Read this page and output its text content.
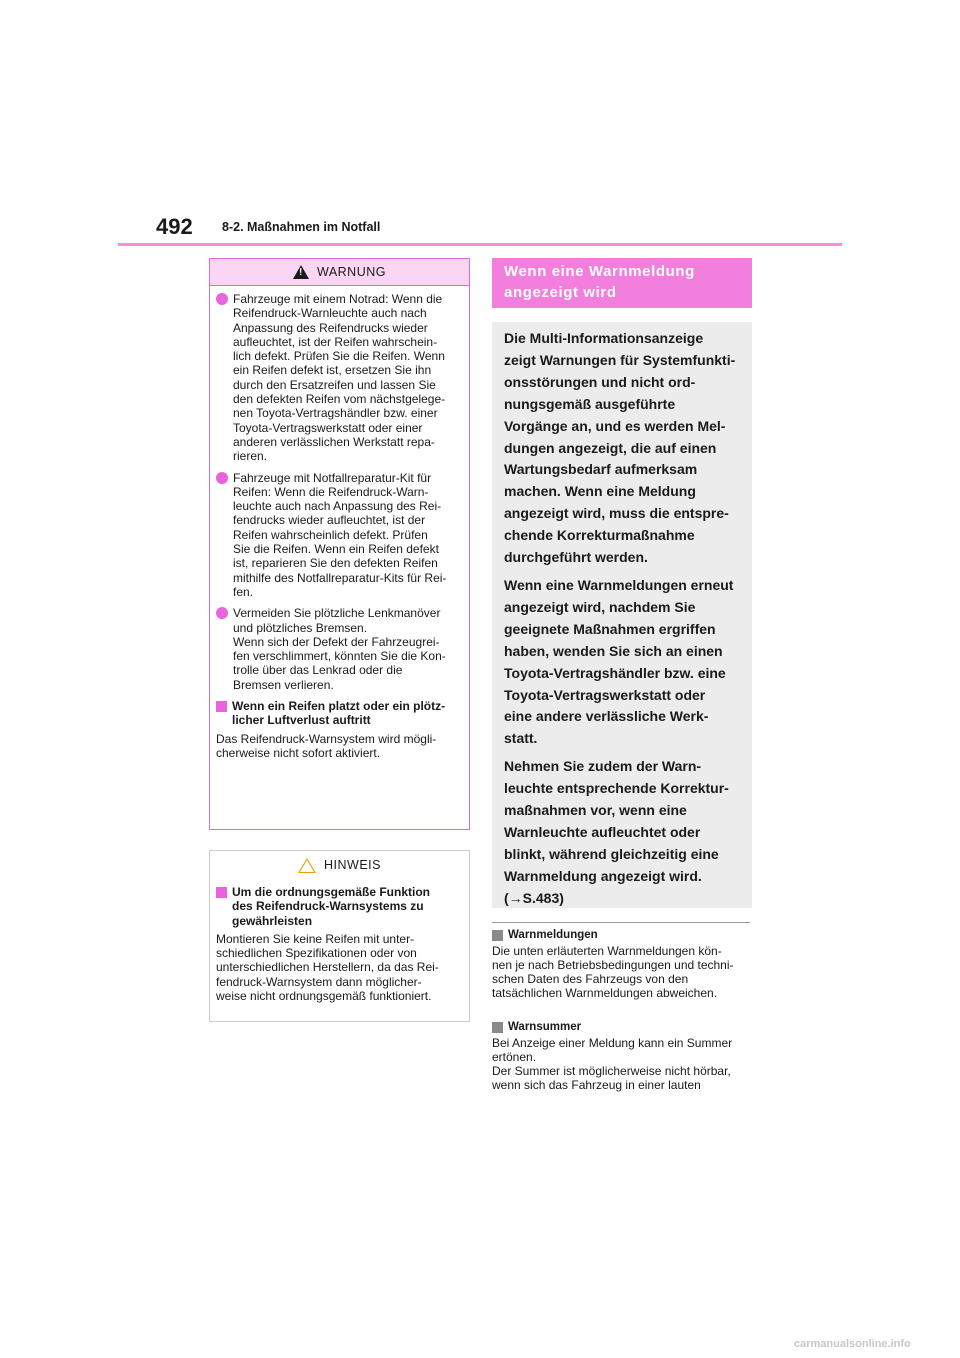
492 8-2. Maßnahmen im Notfall
!
WARNUNG
Fahrzeuge mit einem Notrad: Wenn die
Reifendruck-Warnleuchte auch nach
Anpassung des Reifendrucks wieder
aufleuchtet, ist der Reifen wahrschein-
lich defekt. Prüfen Sie die Reifen. Wenn
ein Reifen defekt ist, ersetzen Sie ihn
durch den Ersatzreifen und lassen Sie
den defekten Reifen vom nächstgelege-
nen Toyota-Vertragshändler bzw. einer
Toyota-Vertragswerkstatt oder einer
anderen verlässlichen Werkstatt repa-
rieren.
Fahrzeuge mit Notfallreparatur-Kit für
Reifen: Wenn die Reifendruck-Warn-
leuchte auch nach Anpassung des Rei-
fendrucks wieder aufleuchtet, ist der
Reifen wahrscheinlich defekt. Prüfen
Sie die Reifen. Wenn ein Reifen defekt
ist, reparieren Sie den defekten Reifen
mithilfe des Notfallreparatur-Kits für Rei-
fen.
Vermeiden Sie plötzliche Lenkmanöver
und plötzliches Bremsen.
Wenn sich der Defekt der Fahrzeugrei-
fen verschlimmert, könnten Sie die Kon-
trolle über das Lenkrad oder die
Bremsen verlieren.
Wenn ein Reifen platzt oder ein plötz-
licher Luftverlust auftritt
Das Reifendruck-Warnsystem wird mögli-
cherweise nicht sofort aktiviert.
HINWEIS
Um die ordnungsgemäße Funktion
des Reifendruck-Warnsystems zu
gewährleisten
Montieren Sie keine Reifen mit unter-
schiedlichen Spezifikationen oder von
unterschiedlichen Herstellern, da das Rei-
fendruck-Warnsystem dann möglicher-
weise nicht ordnungsgemäß funktioniert.
Wenn eine Warnmeldung
angezeigt wird

Die Multi-Informationsanzeige
zeigt Warnungen für Systemfunkti-
onsstörungen und nicht ord-
nungsgemäß ausgeführte
Vorgänge an, und es werden Mel-
dungen angezeigt, die auf einen
Wartungsbedarf aufmerksam
machen. Wenn eine Meldung
angezeigt wird, muss die entspre-
chende Korrekturmaßnahme
durchgeführt werden.

Wenn eine Warnmeldungen erneut
angezeigt wird, nachdem Sie
geeignete Maßnahmen ergriffen
haben, wenden Sie sich an einen
Toyota-Vertragshändler bzw. eine
Toyota-Vertragswerkstatt oder
eine andere verlässliche Werk-
statt.

Nehmen Sie zudem der Warn-
leuchte entsprechende Korrektur-
maßnahmen vor, wenn eine
Warnleuchte aufleuchtet oder
blinkt, während gleichzeitig eine
Warnmeldung angezeigt wird.
(→S.483)

Warnmeldungen
Die unten erläuterten Warnmeldungen kön-
nen je nach Betriebsbedingungen und techni-
schen Daten des Fahrzeugs von den
tatsächlichen Warnmeldungen abweichen.
Warnsummer
Bei Anzeige einer Meldung kann ein Summer
ertönen.
Der Summer ist möglicherweise nicht hörbar,
wenn sich das Fahrzeug in einer lauten
carmanualsonline.info
